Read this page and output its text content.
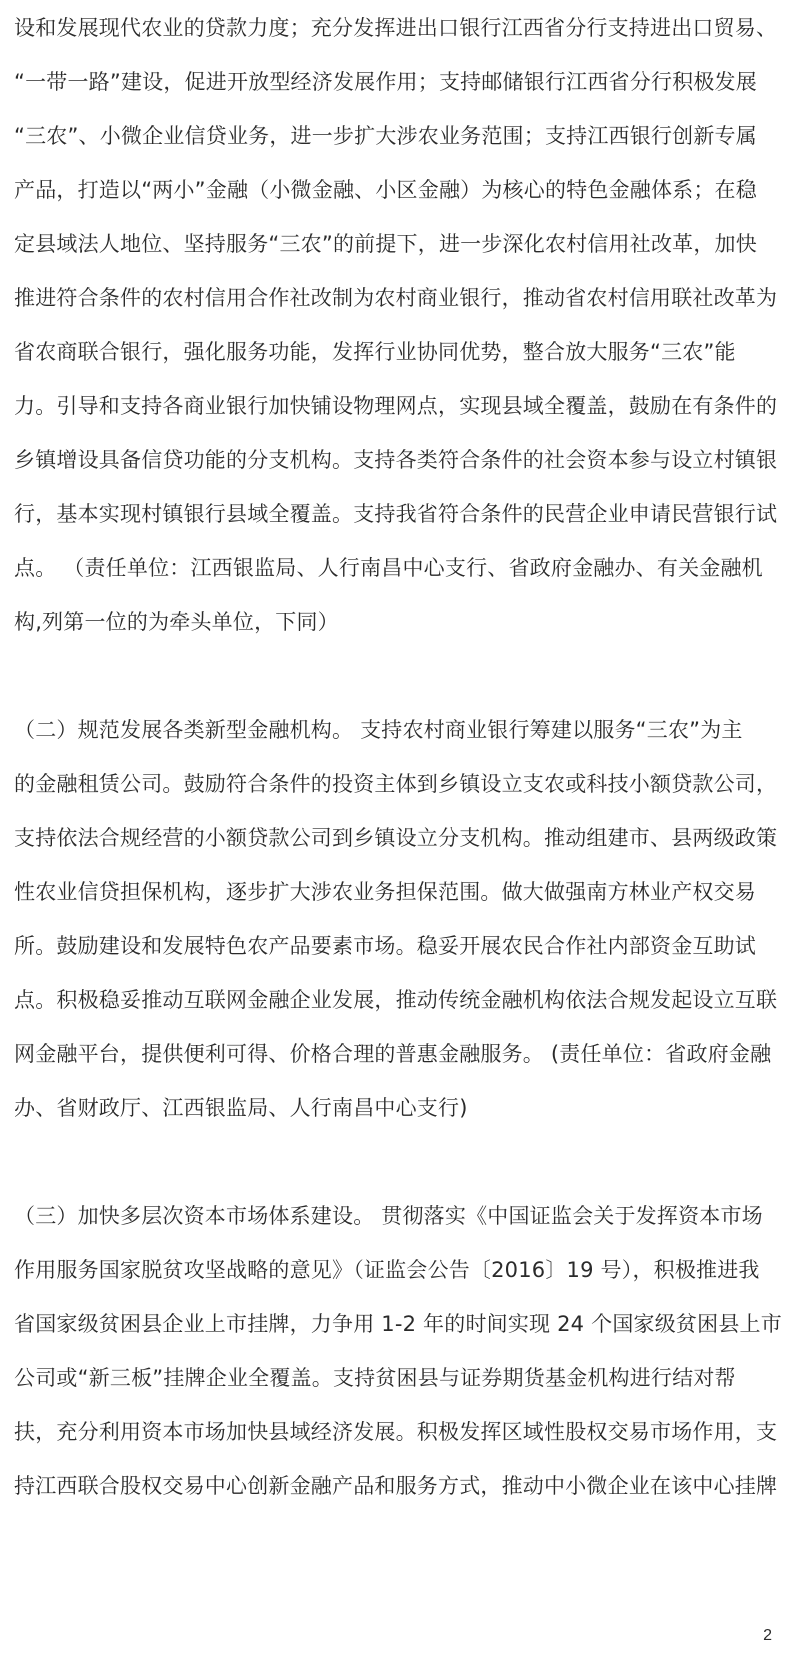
设和发展现代农业的贷款力度；充分发挥进出口银行江西省分行支持进出口贸易、
“一带一路”建设，促进开放型经济发展作用；支持邮储银行江西省分行积极发展
“三农”、小微企业信贷业务，进一步扩大涉农业务范围；支持江西银行创新专属
产品，打造以“两小”金融（小微金融、小区金融）为核心的特色金融体系；在稳
定县域法人地位、坚持服务“三农”的前提下，进一步深化农村信用社改革，加快
推进符合条件的农村信用合作社改制为农村商业银行，推动省农村信用联社改革为
省农商联合银行，强化服务功能，发挥行业协同优势，整合放大服务“三农”能
力。引导和支持各商业银行加快铺设物理网点，实现县域全覆盖，鼓励在有条件的
乡镇增设具备信贷功能的分支机构。支持各类符合条件的社会资本参与设立村镇银
行，基本实现村镇银行县域全覆盖。支持我省符合条件的民营企业申请民营银行试
点。 （责任单位：江西银监局、人行南昌中心支行、省政府金融办、有关金融机
构,列第一位的为牵头单位，下同）
（二）规范发展各类新型金融机构。 支持农村商业银行筹建以服务“三农”为主
的金融租赁公司。鼓励符合条件的投资主体到乡镇设立支农或科技小额贷款公司，
支持依法合规经营的小额贷款公司到乡镇设立分支机构。推动组建市、县两级政策
性农业信贷担保机构，逐步扩大涉农业务担保范围。做大做强南方林业产权交易
所。鼓励建设和发展特色农产品要素市场。稳妥开展农民合作社内部资金互助试
点。积极稳妥推动互联网金融企业发展，推动传统金融机构依法合规发起设立互联
网金融平台，提供便利可得、价格合理的普惠金融服务。 (责任单位：省政府金融
办、省财政厅、江西银监局、人行南昌中心支行)
（三）加快多层次资本市场体系建设。 贯彻落实《中国证监会关于发挥资本市场
作用服务国家脱贫攻坚战略的意见》（证监会公告〔2016〕19 号），积极推进我
省国家级贫困县企业上市挂牌，力争用 1-2 年的时间实现 24 个国家级贫困县上市
公司或“新三板”挂牌企业全覆盖。支持贫困县与证券期货基金机构进行结对帮
扶，充分利用资本市场加快县域经济发展。积极发挥区域性股权交易市场作用，支
持江西联合股权交易中心创新金融产品和服务方式，推动中小微企业在该中心挂牌
2
